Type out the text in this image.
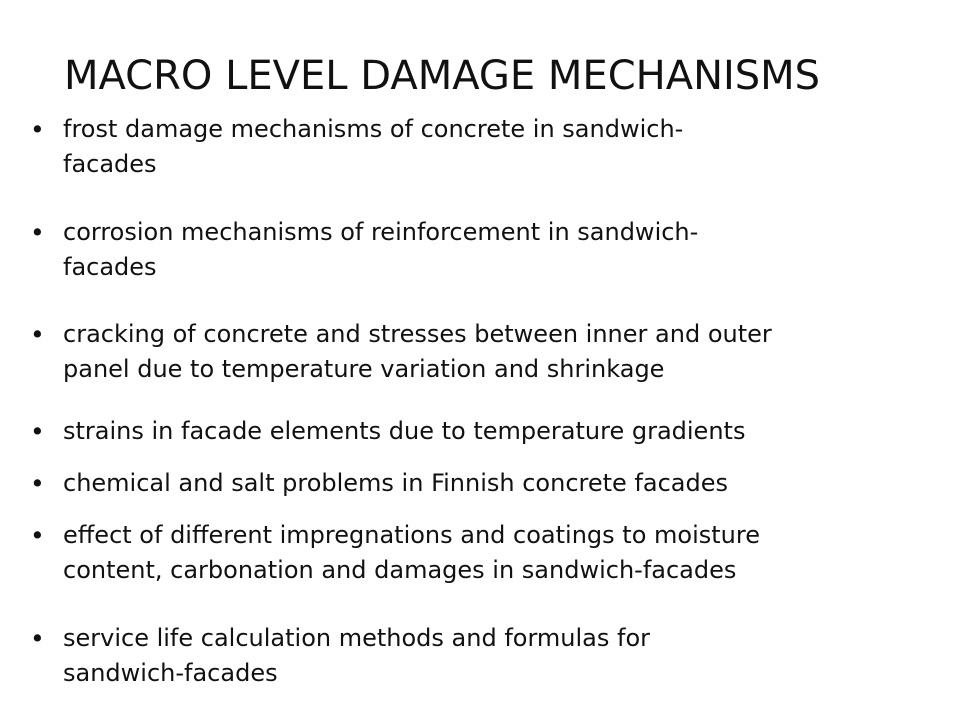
MACRO LEVEL DAMAGE MECHANISMS
• frost damage mechanisms of concrete in sandwich-
facades
• corrosion mechanisms of reinforcement in sandwich-
facades
• cracking of concrete and stresses between inner and outer
panel due to temperature variation and shrinkage
• strains in facade elements due to temperature gradients
• chemical and salt problems in Finnish concrete facades
• effect of different impregnations and coatings to moisture
content, carbonation and damages in sandwich-facades
• service life calculation methods and formulas for
sandwich-facades
